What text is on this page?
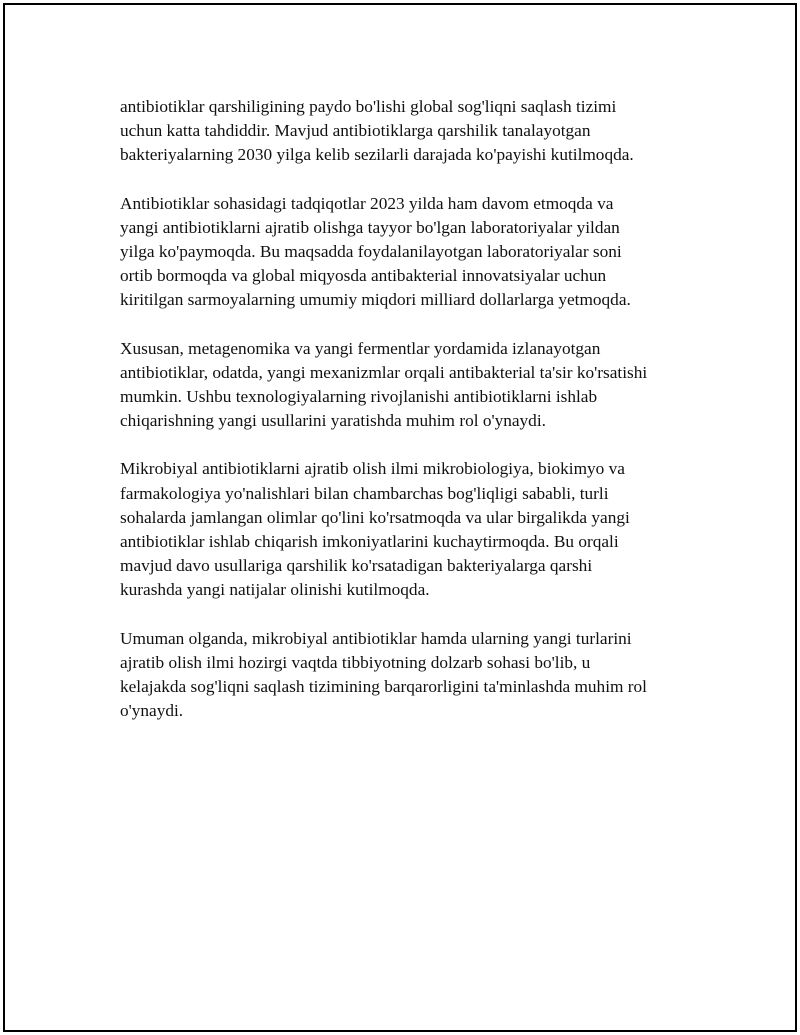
antibiotiklar qarshiligining paydo bo'lishi global sog'liqni saqlash tizimi
uchun katta tahdiddir. Mavjud antibiotiklarga qarshilik tanalayotgan
bakteriyalarning 2030 yilga kelib sezilarli darajada ko'payishi kutilmoqda.

Antibiotiklar sohasidagi tadqiqotlar 2023 yilda ham davom etmoqda va
yangi antibiotiklarni ajratib olishga tayyor bo'lgan laboratoriyalar yildan
yilga ko'paymoqda. Bu maqsadda foydalanilayotgan laboratoriyalar soni
ortib bormoqda va global miqyosda antibakterial innovatsiyalar uchun
kiritilgan sarmoyalarning umumiy miqdori milliard dollarlarga yetmoqda.

Xususan, metagenomika va yangi fermentlar yordamida izlanayotgan
antibiotiklar, odatda, yangi mexanizmlar orqali antibakterial ta'sir ko'rsatishi
mumkin. Ushbu texnologiyalarning rivojlanishi antibiotiklarni ishlab
chiqarishning yangi usullarini yaratishda muhim rol o'ynaydi.

Mikrobiyal antibiotiklarni ajratib olish ilmi mikrobiologiya, biokimyo va
farmakologiya yo'nalishlari bilan chambarchas bog'liqligi sababli, turli
sohalarda jamlangan olimlar qo'lini ko'rsatmoqda va ular birgalikda yangi
antibiotiklar ishlab chiqarish imkoniyatlarini kuchaytirmoqda. Bu orqali
mavjud davo usullariga qarshilik ko'rsatadigan bakteriyalarga qarshi
kurashda yangi natijalar olinishi kutilmoqda.

Umuman olganda, mikrobiyal antibiotiklar hamda ularning yangi turlarini
ajratib olish ilmi hozirgi vaqtda tibbiyotning dolzarb sohasi bo'lib, u
kelajakda sog'liqni saqlash tizimining barqarorligini ta'minlashda muhim rol
o'ynaydi.
